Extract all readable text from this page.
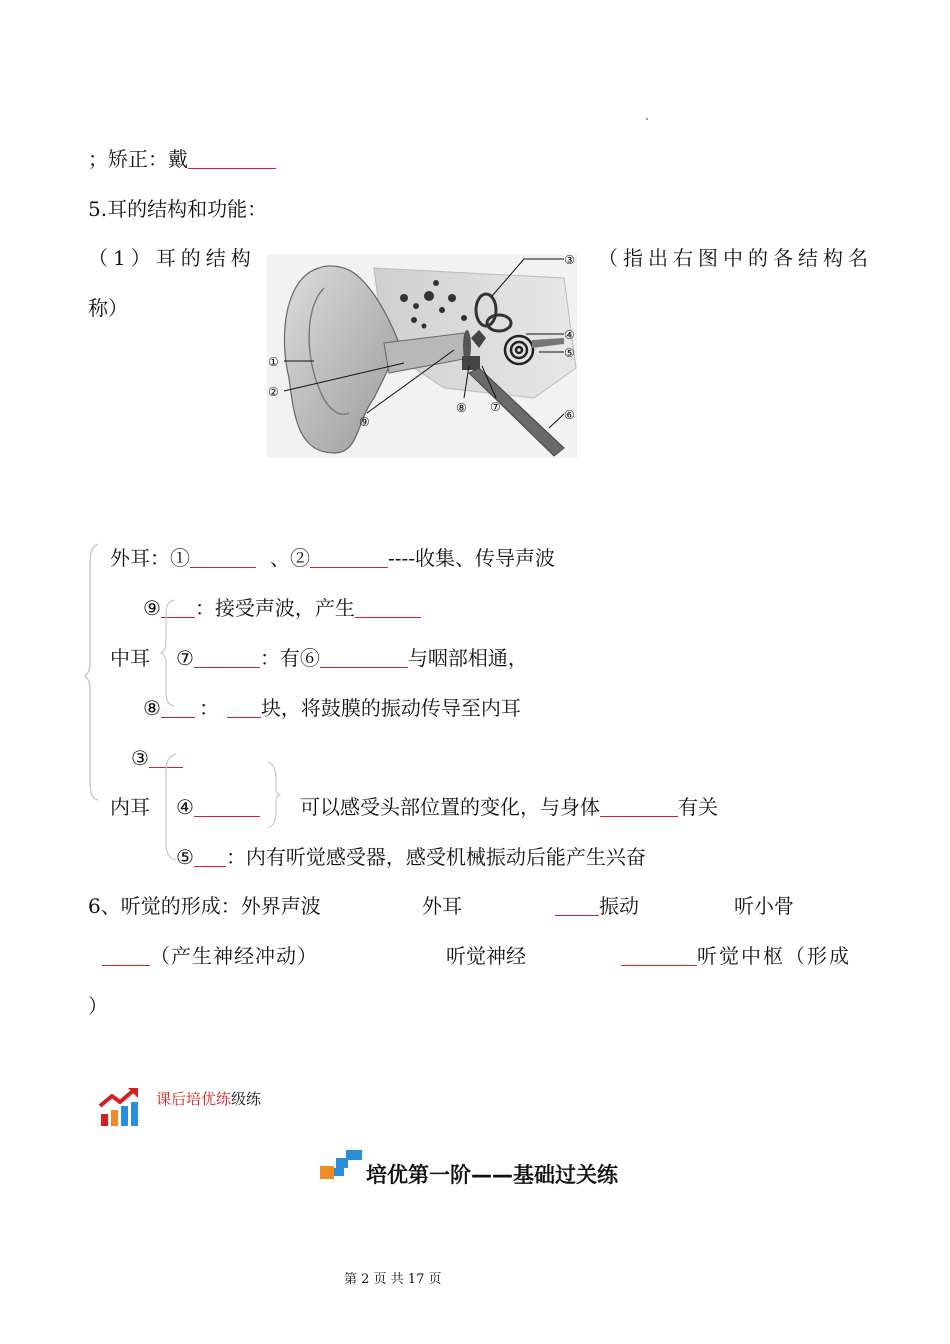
；矫正：戴
5.耳的结构和功能：
（1）耳的结构	（指出右图中的各结构名
称）
①
②
③
④
⑤
⑥
⑦
⑧
⑨
外耳：①	、②	----收集、传导声波
⑨ ：接受声波，产生
中耳 ⑦	：有⑥	与咽部相通，
⑧ ： 块，将鼓膜的振动传导至内耳
③
内耳 ④	可以感受头部位置的变化，与身体	有关
⑤ ：内有听觉感受器，感受机械振动后能产生兴奋
6、听觉的形成：外界声波	外耳	振动	听小骨
（产生神经冲动）	听觉神经	听觉中枢（形成
）
课后培优练级练
培优第一阶——基础过关练
第 2 页 共 17 页
